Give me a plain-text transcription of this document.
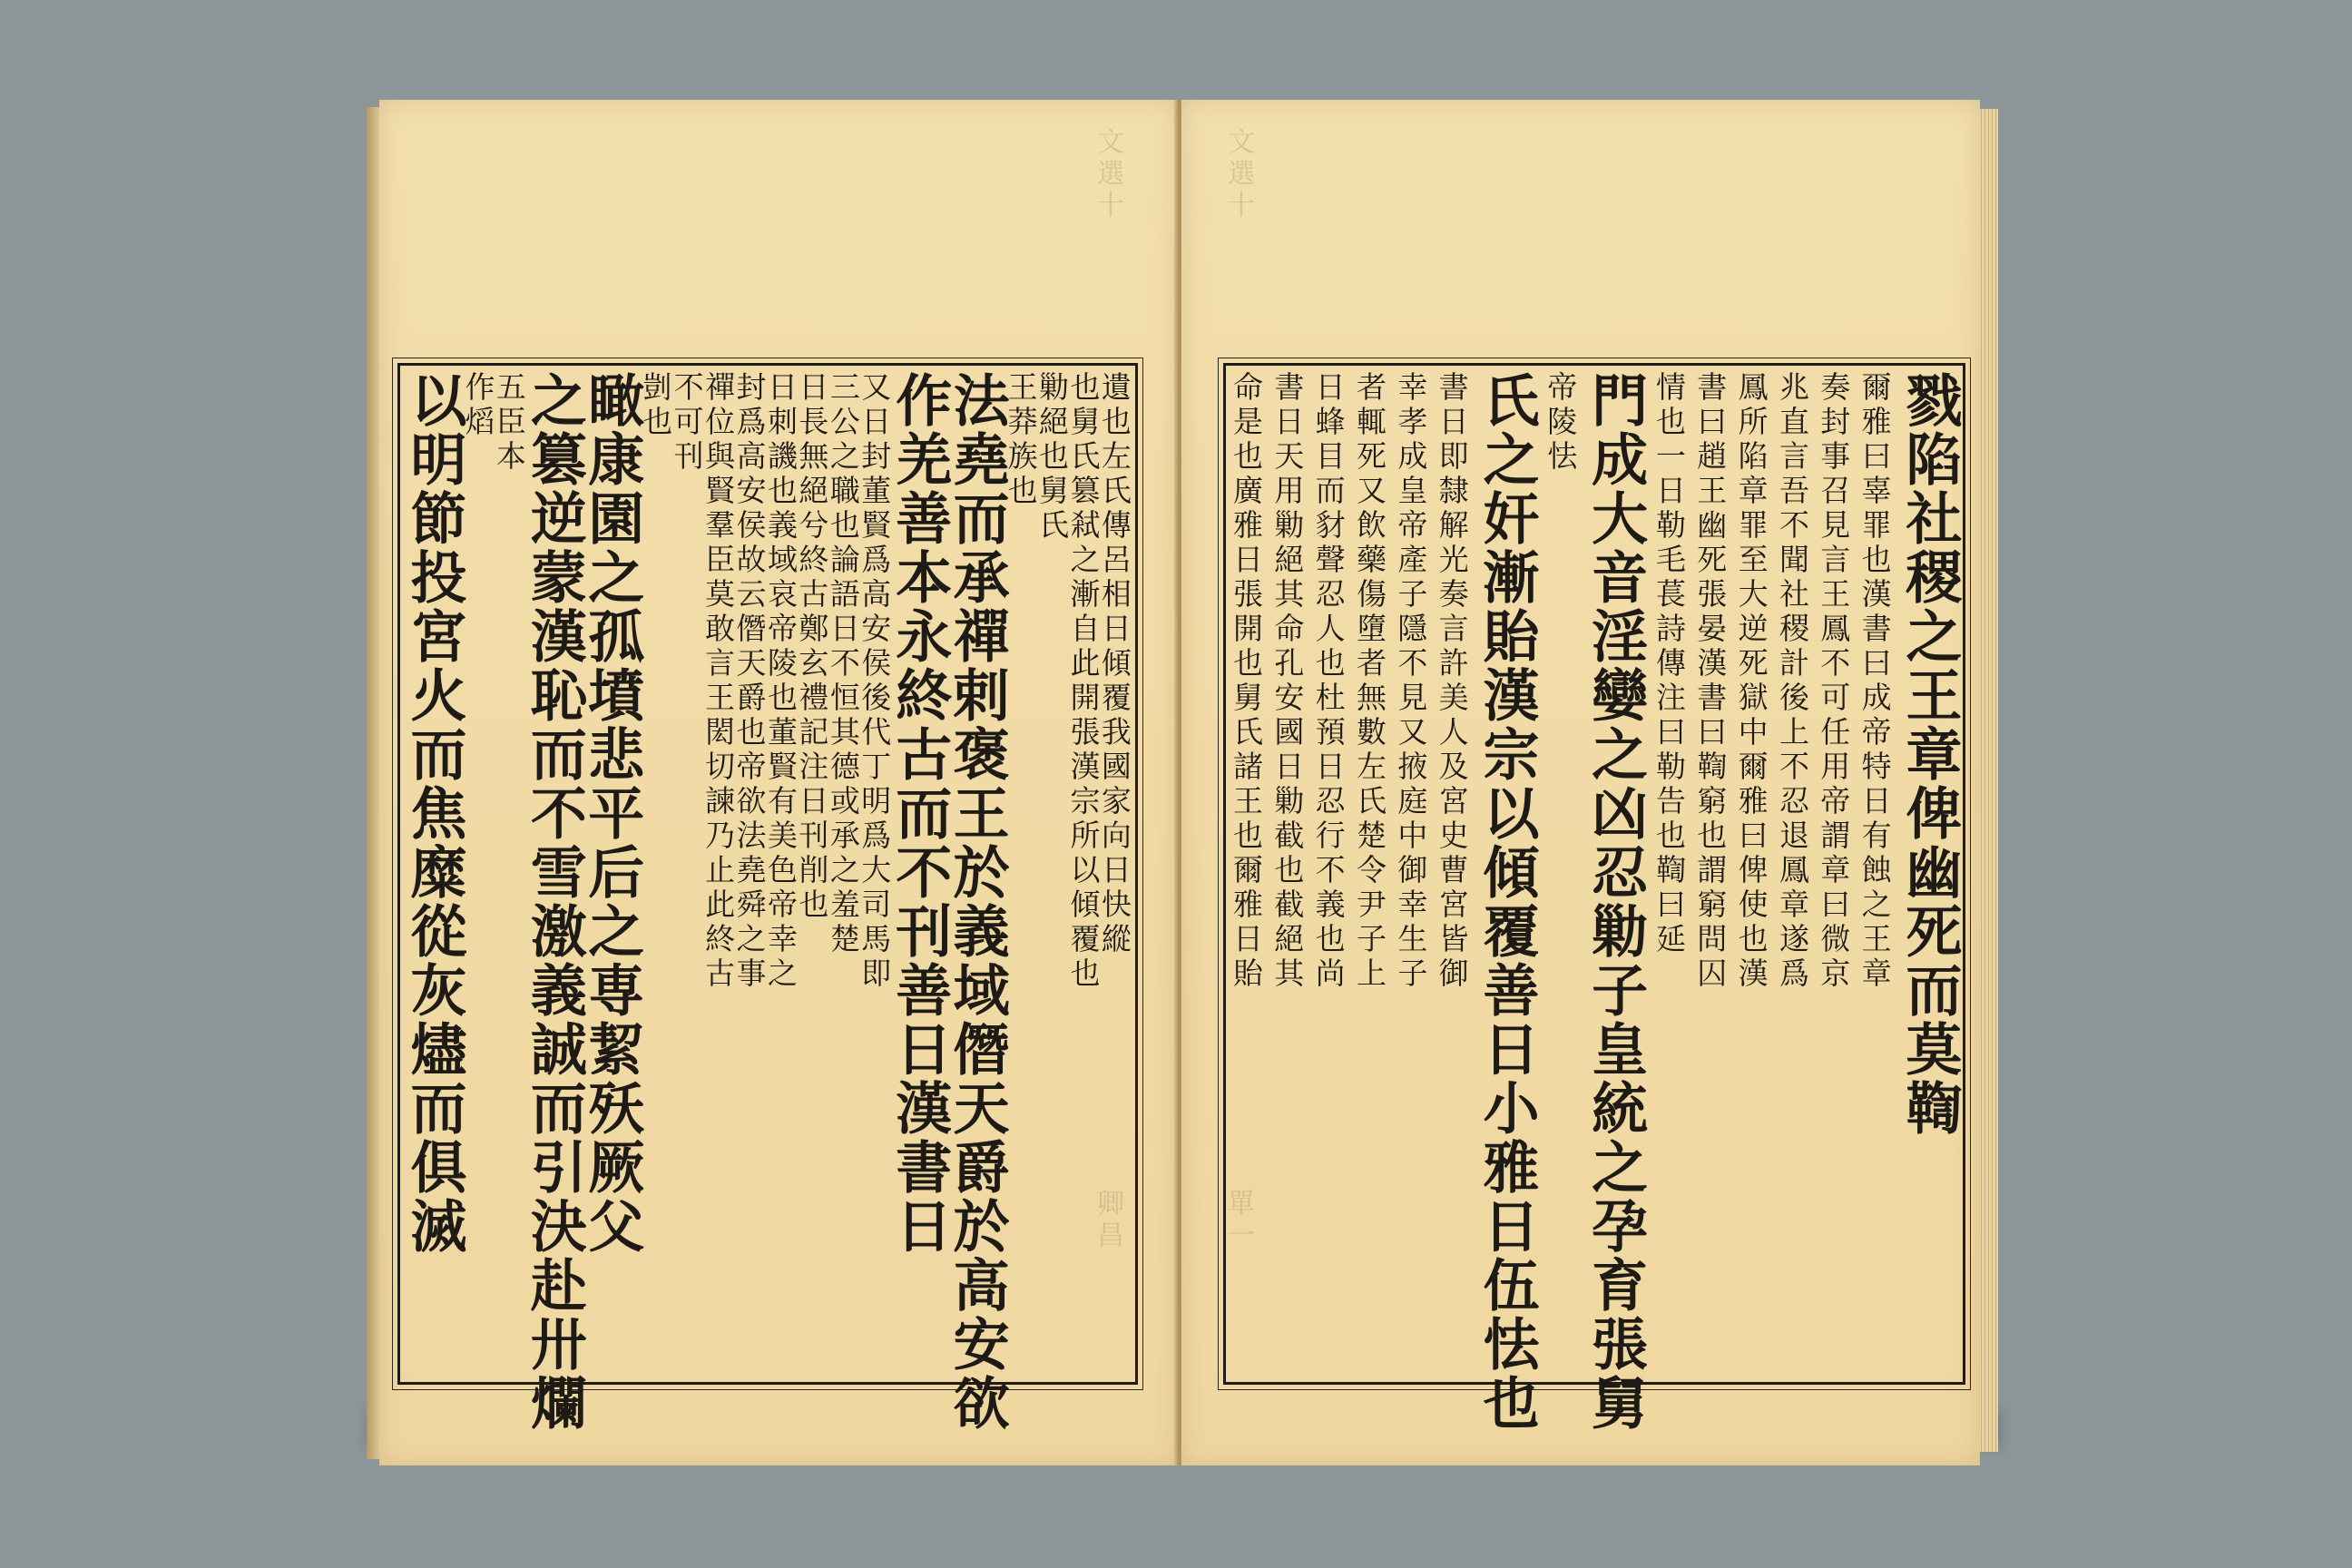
遺也左氏傳呂相日傾覆我國家向日快縱
也舅氏篡弒之漸自此開張漢宗所以傾覆也
勦絕也舅氏
王莽族也
法堯而承禪剌褒王於義域僭天爵於高安欲
作羌善本永終古而不刊善日漢書日
又日封董賢爲高安侯後代丁明爲大司馬即
三公之職也論語日不恒其德或承之羞楚
日長無絕兮終古鄭玄禮記注日刊削也
日刺譏也義域哀帝陵也董賢有美色帝幸之
封爲高安侯故云僭天爵也帝欲法堯舜之事
禪位與賢羣臣莫敢言王閎切諫乃止此終古
不可刊
剴也
瞰康園之孤墳悲平后之専絜殀厥父
之篡逆蒙漢恥而不雪激義誠而引決赴卅爛
五臣本
作熖
以明節投宮火而焦糜從灰燼而俱滅
文選十
卿昌
戮陷社稷之王章俾幽死而莫鞫
爾雅曰辜罪也漢書曰成帝特日有蝕之王章
奏封事召見言王鳳不可任用帝謂章曰微京
兆直言吾不聞社稷計後上不忍退鳳章遂爲
鳳所陷章罪至大逆死獄中爾雅曰俾使也漢
書曰趙王幽死張晏漢書曰鞫窮也謂窮問囚
情也一日勒毛萇詩傳注曰勒告也鞫曰延
門成大音淫孌之凶忍勦子皇統之孕育張舅
帝陵怯
氏之奸漸貽漢宗以傾覆善日小雅日伍怯也
書日即隸解光奏言許美人及宮史曹宮皆御
幸孝成皇帝產子隱不見又掖庭中御幸生子
者輒死又飲藥傷墮者無數左氏楚令尹子上
日蜂目而豺聲忍人也杜預日忍行不義也尚
書日天用勦絕其命孔安國日勦截也截絕其
命是也廣雅日張開也舅氏諸王也爾雅日貽
文選十
單一
